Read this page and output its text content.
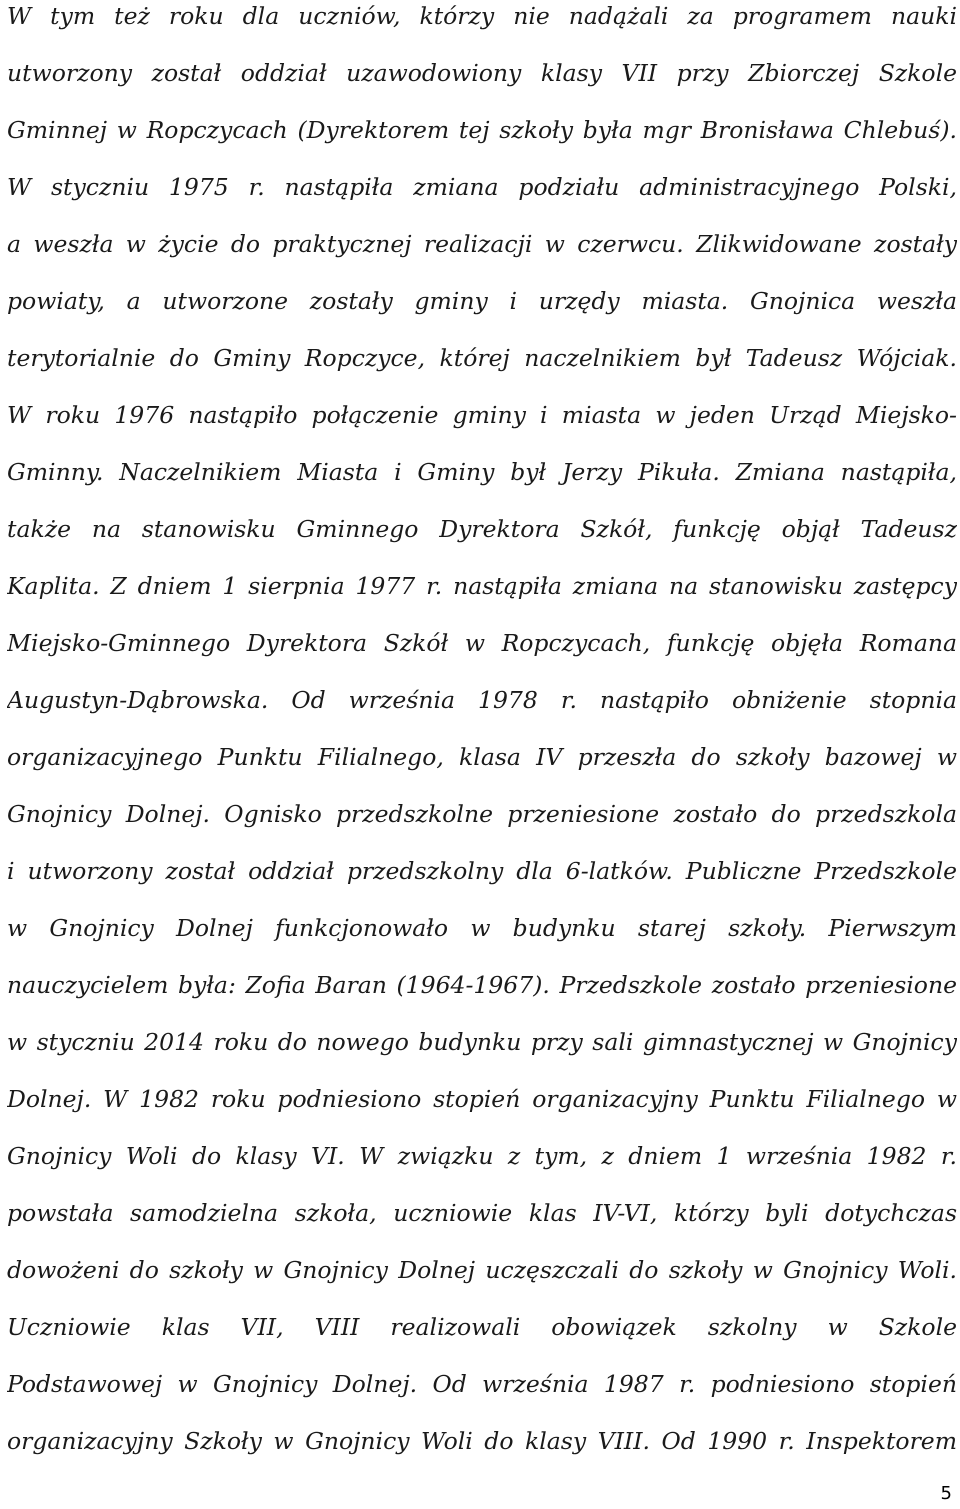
W tym też roku dla uczniów, którzy nie nadążali za programem nauki
utworzony został oddział uzawodowiony klasy VII przy Zbiorczej Szkole
Gminnej w Ropczycach (Dyrektorem tej szkoły była mgr Bronisława Chlebuś).
W styczniu 1975 r. nastąpiła zmiana podziału administracyjnego Polski,
a weszła w życie do praktycznej realizacji w czerwcu. Zlikwidowane zostały
powiaty, a utworzone zostały gminy i urzędy miasta. Gnojnica weszła
terytorialnie do Gminy Ropczyce, której naczelnikiem był Tadeusz Wójciak.
W roku 1976 nastąpiło połączenie gminy i miasta w jeden Urząd Miejsko-
Gminny. Naczelnikiem Miasta i Gminy był Jerzy Pikuła. Zmiana nastąpiła,
także na stanowisku Gminnego Dyrektora Szkół, funkcję objął Tadeusz
Kaplita. Z dniem 1 sierpnia 1977 r. nastąpiła zmiana na stanowisku zastępcy
Miejsko-Gminnego Dyrektora Szkół w Ropczycach, funkcję objęła Romana
Augustyn-Dąbrowska. Od września 1978 r. nastąpiło obniżenie stopnia
organizacyjnego Punktu Filialnego, klasa IV przeszła do szkoły bazowej w
Gnojnicy Dolnej. Ognisko przedszkolne przeniesione zostało do przedszkola
i utworzony został oddział przedszkolny dla 6-latków. Publiczne Przedszkole
w Gnojnicy Dolnej funkcjonowało w budynku starej szkoły. Pierwszym
nauczycielem była: Zofia Baran (1964-1967). Przedszkole zostało przeniesione
w styczniu 2014 roku do nowego budynku przy sali gimnastycznej w Gnojnicy
Dolnej. W 1982 roku podniesiono stopień organizacyjny Punktu Filialnego w
Gnojnicy Woli do klasy VI. W związku z tym, z dniem 1 września 1982 r.
powstała samodzielna szkoła, uczniowie klas IV-VI, którzy byli dotychczas
dowożeni do szkoły w Gnojnicy Dolnej uczęszczali do szkoły w Gnojnicy Woli.
Uczniowie klas VII, VIII realizowali obowiązek szkolny w Szkole
Podstawowej w Gnojnicy Dolnej. Od września 1987 r. podniesiono stopień
organizacyjny Szkoły w Gnojnicy Woli do klasy VIII. Od 1990 r. Inspektorem
5
